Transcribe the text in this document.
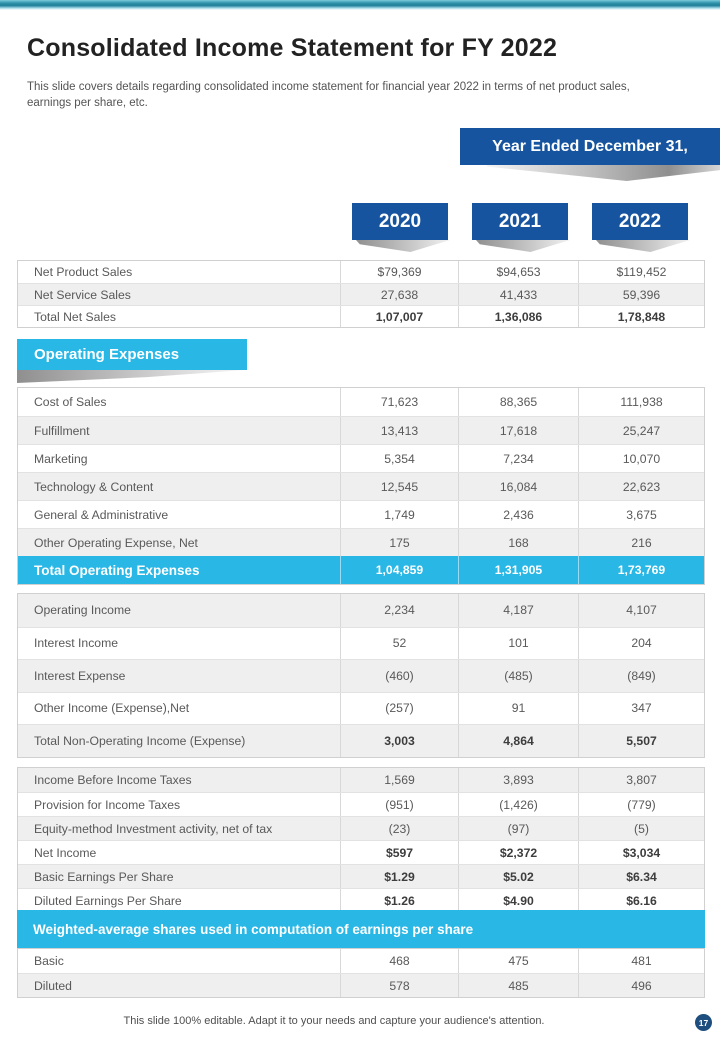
Consolidated Income Statement for FY 2022

This slide covers details regarding consolidated income statement for financial year 2022 in terms of net product sales, earnings per share, etc.

Year Ended December 31,
2020	2021	2022
Net Product Sales	$79,369	$94,653	$119,452
Net Service Sales	27,638	41,433	59,396
Total Net Sales	1,07,007	1,36,086	1,78,848
Operating Expenses
Cost of Sales	71,623	88,365	111,938
Fulfillment	13,413	17,618	25,247
Marketing	5,354	7,234	10,070
Technology & Content	12,545	16,084	22,623
General & Administrative	1,749	2,436	3,675
Other Operating Expense, Net	175	168	216
Total Operating Expenses	1,04,859	1,31,905	1,73,769
Operating Income	2,234	4,187	4,107
Interest Income	52	101	204
Interest Expense	(460)	(485)	(849)
Other Income (Expense),Net	(257)	91	347
Total Non-Operating Income (Expense)	3,003	4,864	5,507
Income Before Income Taxes	1,569	3,893	3,807
Provision for Income Taxes	(951)	(1,426)	(779)
Equity-method Investment activity, net of tax	(23)	(97)	(5)
Net Income	$597	$2,372	$3,034
Basic Earnings Per Share	$1.29	$5.02	$6.34
Diluted Earnings Per Share	$1.26	$4.90	$6.16
Weighted-average shares used in computation of earnings per share
Basic	468	475	481
Diluted	578	485	496
This slide 100% editable. Adapt it to your needs and capture your audience's attention.	17
